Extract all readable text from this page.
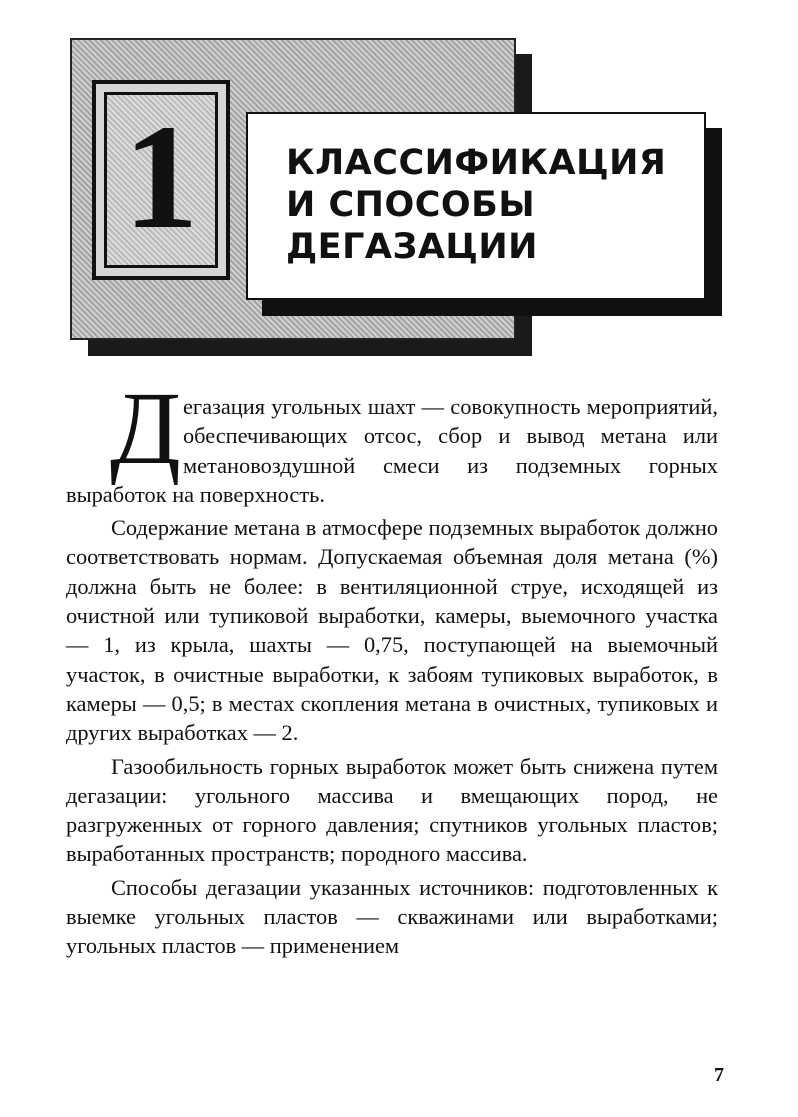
1	КЛАССИФИКАЦИЯ
И СПОСОБЫ
ДЕГАЗАЦИИ

Дегазация угольных шахт — совокупность мероприятий, обеспечивающих отсос, сбор и вывод метана или метановоздушной смеси из подземных горных выработок на поверхность.

Содержание метана в атмосфере подземных выработок должно соответствовать нормам. Допускаемая объемная доля метана (%) должна быть не более: в вентиляционной струе, исходящей из очистной или тупиковой выработки, камеры, выемочного участка — 1, из крыла, шахты — 0,75, поступающей на выемочный участок, в очистные выработки, к забоям тупиковых выработок, в камеры — 0,5; в местах скопления метана в очистных, тупиковых и других выработках — 2.

Газообильность горных выработок может быть снижена путем дегазации: угольного массива и вмещающих пород, не разгруженных от горного давления; спутников угольных пластов; выработанных пространств; породного массива.

Способы дегазации указанных источников: подготовленных к выемке угольных пластов — скважинами или выработками; угольных пластов — применением

7
